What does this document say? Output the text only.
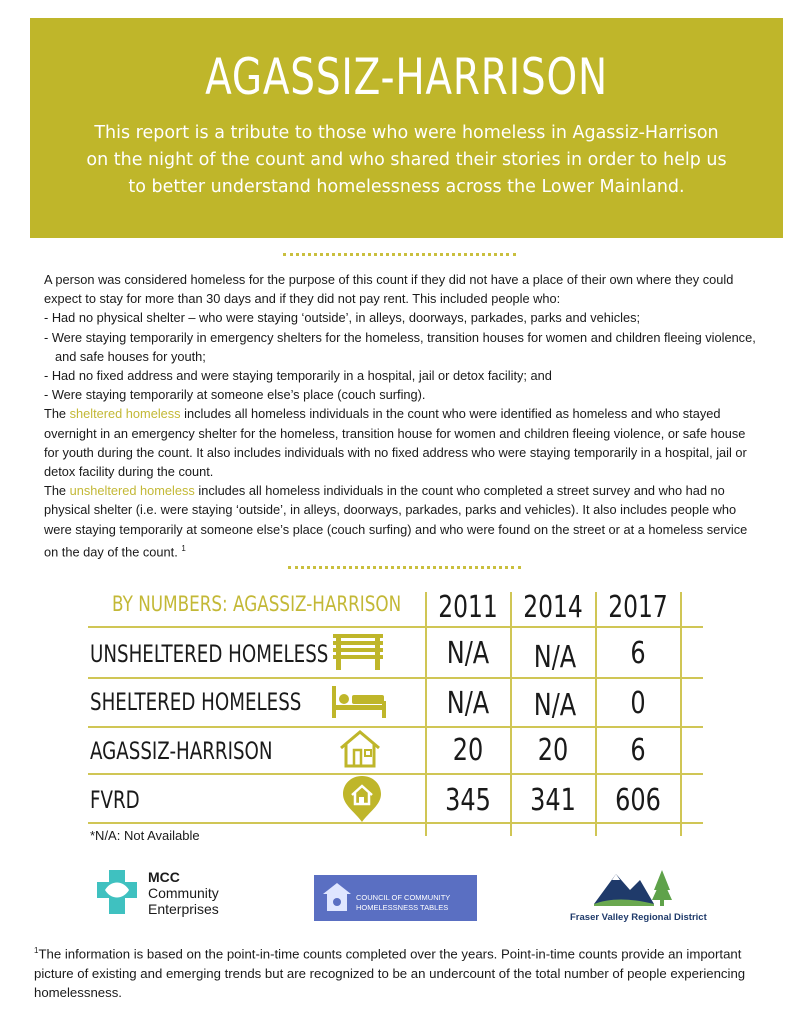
AGASSIZ-HARRISON
This report is a tribute to those who were homeless in Agassiz-Harrison on the night of the count and who shared their stories in order to help us to better understand homelessness across the Lower Mainland.

A person was considered homeless for the purpose of this count if they did not have a place of their own where they could expect to stay for more than 30 days and if they did not pay rent. This included people who:

- Had no physical shelter – who were staying ‘outside’, in alleys, doorways, parkades, parks and vehicles;

- Were staying temporarily in emergency shelters for the homeless, transition houses for women and children fleeing violence, and safe houses for youth;

- Had no fixed address and were staying temporarily in a hospital, jail or detox facility; and

- Were staying temporarily at someone else’s place (couch surfing).

The sheltered homeless includes all homeless individuals in the count who were identified as homeless and who stayed overnight in an emergency shelter for the homeless, transition house for women and children fleeing violence, or safe house for youth during the count. It also includes individuals with no fixed address who were staying temporarily in a hospital, jail or detox facility during the count.

The unsheltered homeless includes all homeless individuals in the count who completed a street survey and who had no physical shelter (i.e. were staying ‘outside’, in alleys, doorways, parkades, parks and vehicles). It also includes people who were staying temporarily at someone else’s place (couch surfing) and who were found on the street or at a homeless service on the day of the count. $^1$

BY NUMBERS: AGASSIZ-HARRISON 2011 2014 2017
UNSHELTERED HOMELESS	N/A	N/A	6
SHELTERED HOMELESS	N/A	N/A	0
AGASSIZ-HARRISON	20	20	6
FVRD	345	341	606
*N/A: Not Available
MCC
Community
Enterprises
COUNCIL OF COMMUNITY
HOMELESSNESS TABLES
Fraser Valley Regional District
$^1$The information is based on the point-in-time counts completed over the years. Point-in-time counts provide an important picture of existing and emerging trends but are recognized to be an undercount of the total number of people experiencing homelessness.
